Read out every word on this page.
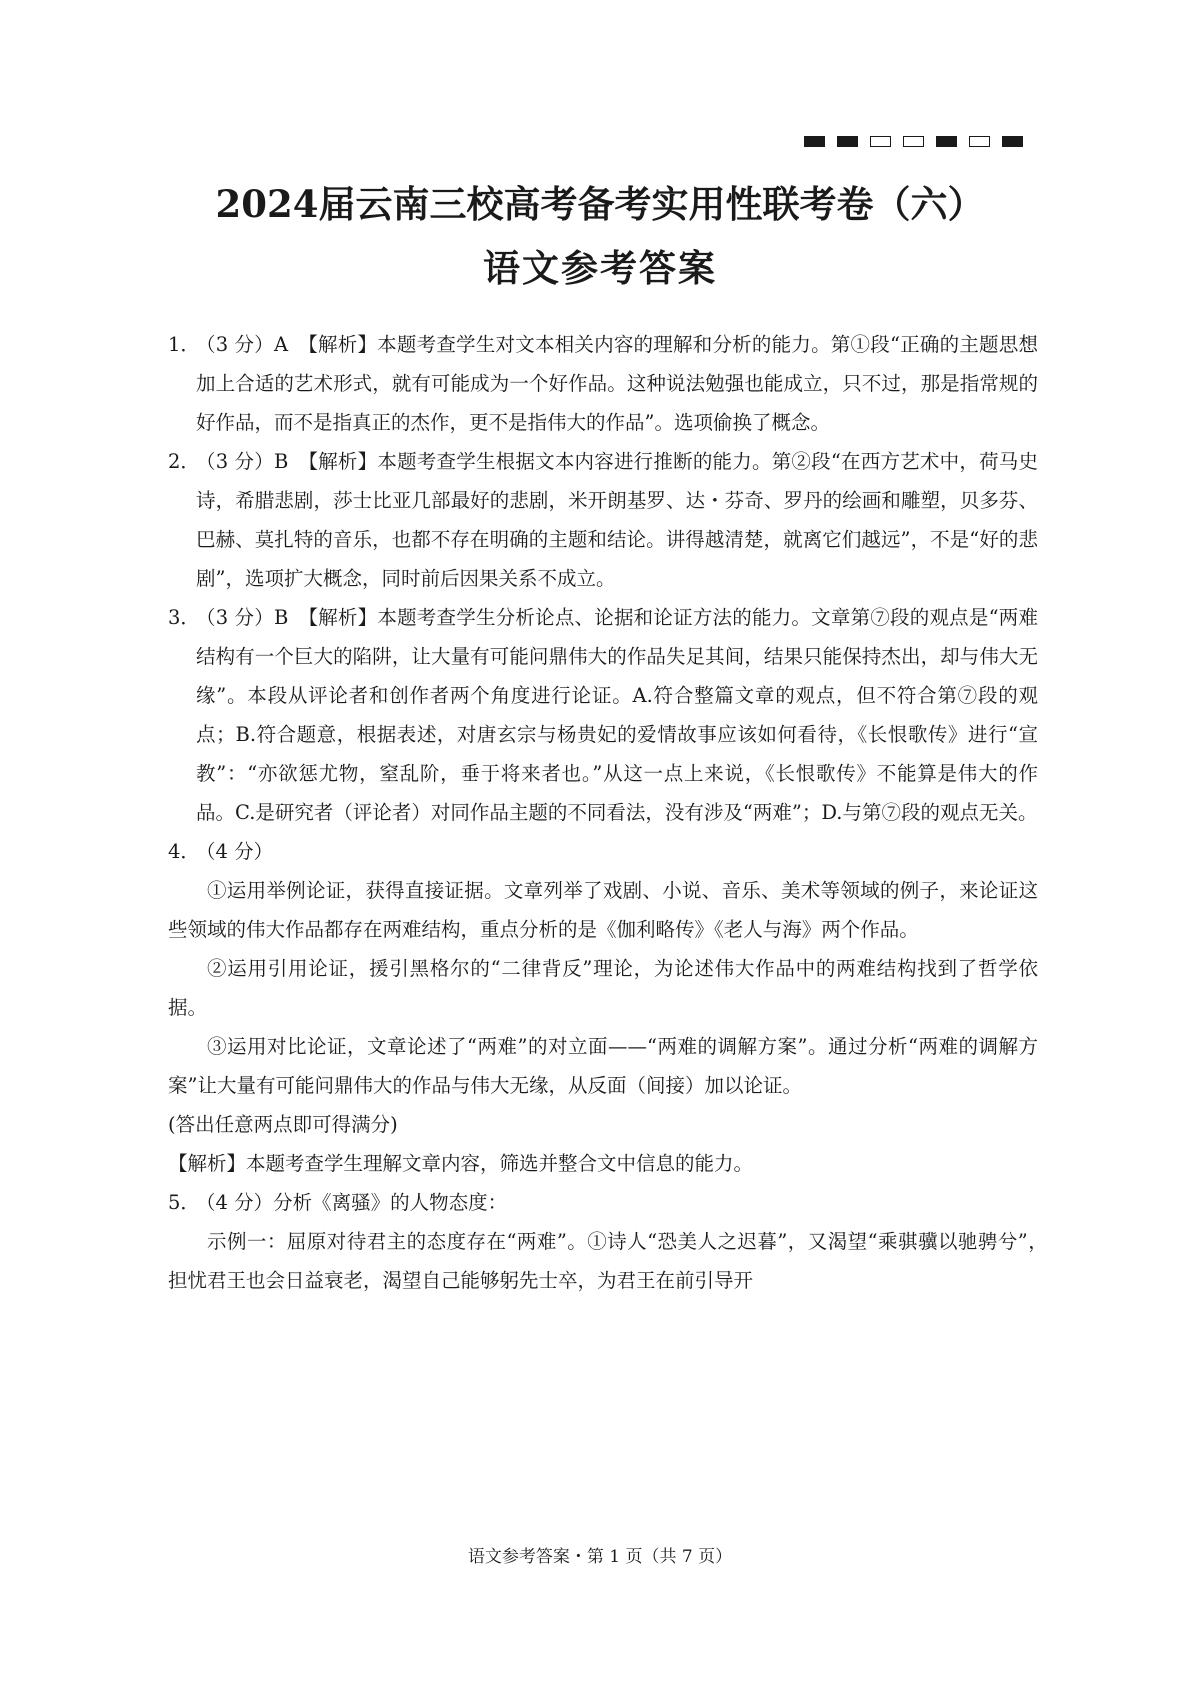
2024届云南三校高考备考实用性联考卷（六）
语文参考答案
1．
（3 分）A　【解析】本题考查学生对文本相关内容的理解和分析的能力。第①段“正确的主题思想加上合适的艺术形式，就有可能成为一个好作品。这种说法勉强也能成立，只不过，那是指常规的好作品，而不是指真正的杰作，更不是指伟大的作品”。选项偷换了概念。
2．
（3 分）B　【解析】本题考查学生根据文本内容进行推断的能力。第②段“在西方艺术中，荷马史诗，希腊悲剧，莎士比亚几部最好的悲剧，米开朗基罗、达・芬奇、罗丹的绘画和雕塑，贝多芬、巴赫、莫扎特的音乐，也都不存在明确的主题和结论。讲得越清楚，就离它们越远”，不是“好的悲剧”，选项扩大概念，同时前后因果关系不成立。
3．
（3 分）B　【解析】本题考查学生分析论点、论据和论证方法的能力。文章第⑦段的观点是“两难结构有一个巨大的陷阱，让大量有可能问鼎伟大的作品失足其间，结果只能保持杰出，却与伟大无缘”。本段从评论者和创作者两个角度进行论证。A.符合整篇文章的观点，但不符合第⑦段的观点；B.符合题意，根据表述，对唐玄宗与杨贵妃的爱情故事应该如何看待，《长恨歌传》进行“宣教”：“亦欲惩尤物，窒乱阶，垂于将来者也。”从这一点上来说，《长恨歌传》不能算是伟大的作品。C.是研究者（评论者）对同作品主题的不同看法，没有涉及“两难”；D.与第⑦段的观点无关。
4．
（4 分）

①运用举例论证，获得直接证据。文章列举了戏剧、小说、音乐、美术等领域的例子，来论证这些领域的伟大作品都存在两难结构，重点分析的是《伽利略传》《老人与海》两个作品。

②运用引用论证，援引黑格尔的“二律背反”理论，为论述伟大作品中的两难结构找到了哲学依据。

③运用对比论证，文章论述了“两难”的对立面——“两难的调解方案”。通过分析“两难的调解方案”让大量有可能问鼎伟大的作品与伟大无缘，从反面（间接）加以论证。

(答出任意两点即可得满分)

【解析】本题考查学生理解文章内容，筛选并整合文中信息的能力。

5．
（4 分）分析《离骚》的人物态度：

示例一：屈原对待君主的态度存在“两难”。①诗人“恐美人之迟暮”，又渴望“乘骐骥以驰骋兮”，　担忧君王也会日益衰老，渴望自己能够躬先士卒，为君王在前引导开

语文参考答案・第 1 页（共 7 页）
